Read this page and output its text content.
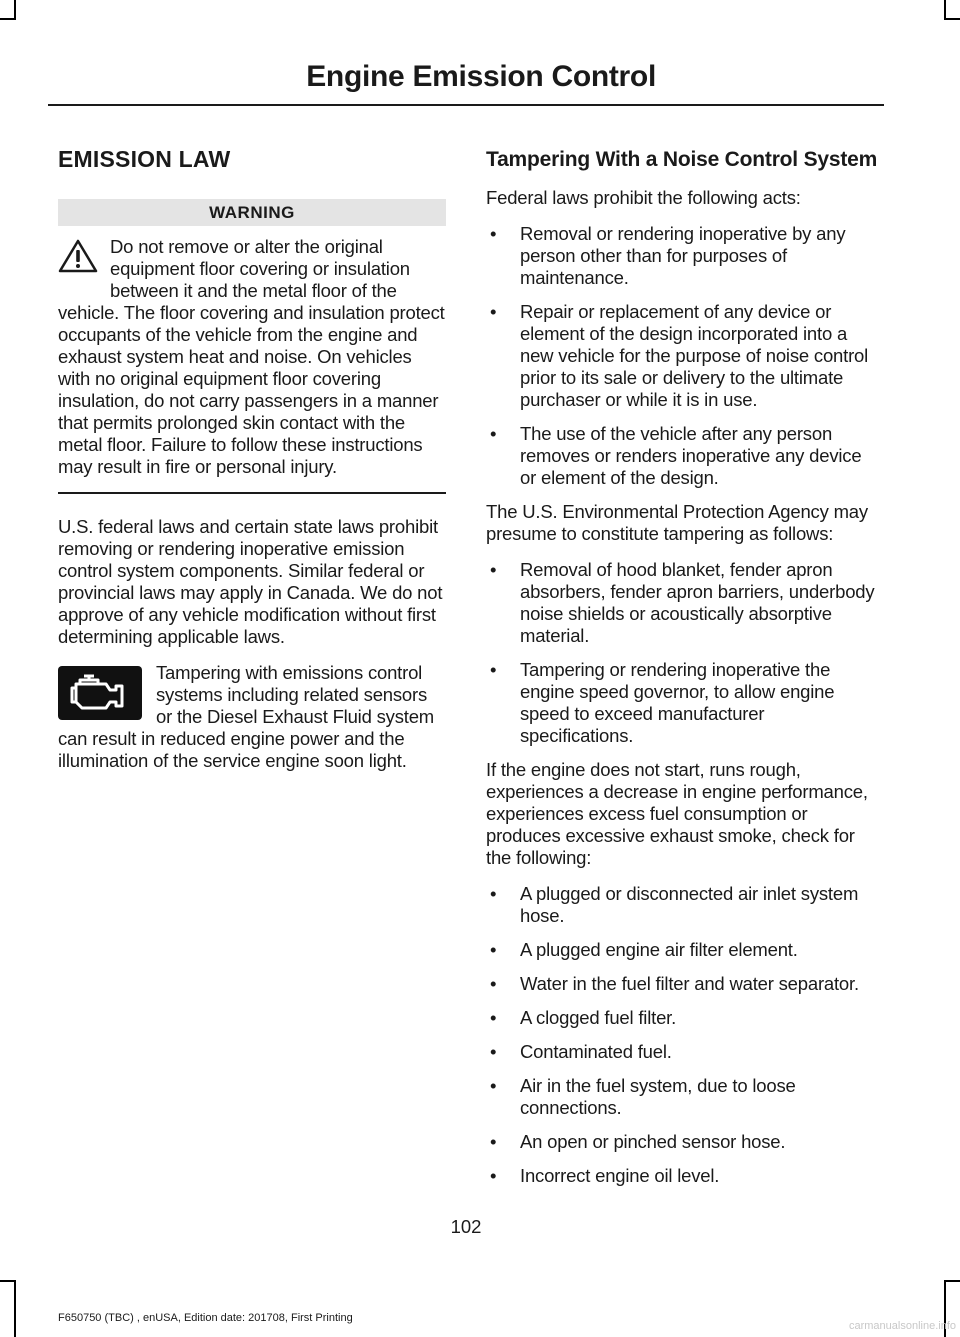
Engine Emission Control
EMISSION LAW
WARNING

Do not remove or alter the original equipment floor covering or insulation between it and the metal floor of the vehicle. The floor covering and insulation protect occupants of the vehicle from the engine and exhaust system heat and noise. On vehicles with no original equipment floor covering insulation, do not carry passengers in a manner that permits prolonged skin contact with the metal floor. Failure to follow these instructions may result in fire or personal injury.

U.S. federal laws and certain state laws prohibit removing or rendering inoperative emission control system components. Similar federal or provincial laws may apply in Canada. We do not approve of any vehicle modification without first determining applicable laws.

Tampering with emissions control systems including related sensors or the Diesel Exhaust Fluid system can result in reduced engine power and the illumination of the service engine soon light.

Tampering With a Noise Control System

Federal laws prohibit the following acts:

• Removal or rendering inoperative by any person other than for purposes of maintenance.
• Repair or replacement of any device or element of the design incorporated into a new vehicle for the purpose of noise control prior to its sale or delivery to the ultimate purchaser or while it is in use.
• The use of the vehicle after any person removes or renders inoperative any device or element of the design.

The U.S. Environmental Protection Agency may presume to constitute tampering as follows:

• Removal of hood blanket, fender apron absorbers, fender apron barriers, underbody noise shields or acoustically absorptive material.
• Tampering or rendering inoperative the engine speed governor, to allow engine speed to exceed manufacturer specifications.

If the engine does not start, runs rough, experiences a decrease in engine performance, experiences excess fuel consumption or produces excessive exhaust smoke, check for the following:

• A plugged or disconnected air inlet system hose.
• A plugged engine air filter element.
• Water in the fuel filter and water separator.
• A clogged fuel filter.
• Contaminated fuel.
• Air in the fuel system, due to loose connections.
• An open or pinched sensor hose.
• Incorrect engine oil level.
102
F650750 (TBC) , enUSA, Edition date: 201708, First Printing
carmanualsonline.info
